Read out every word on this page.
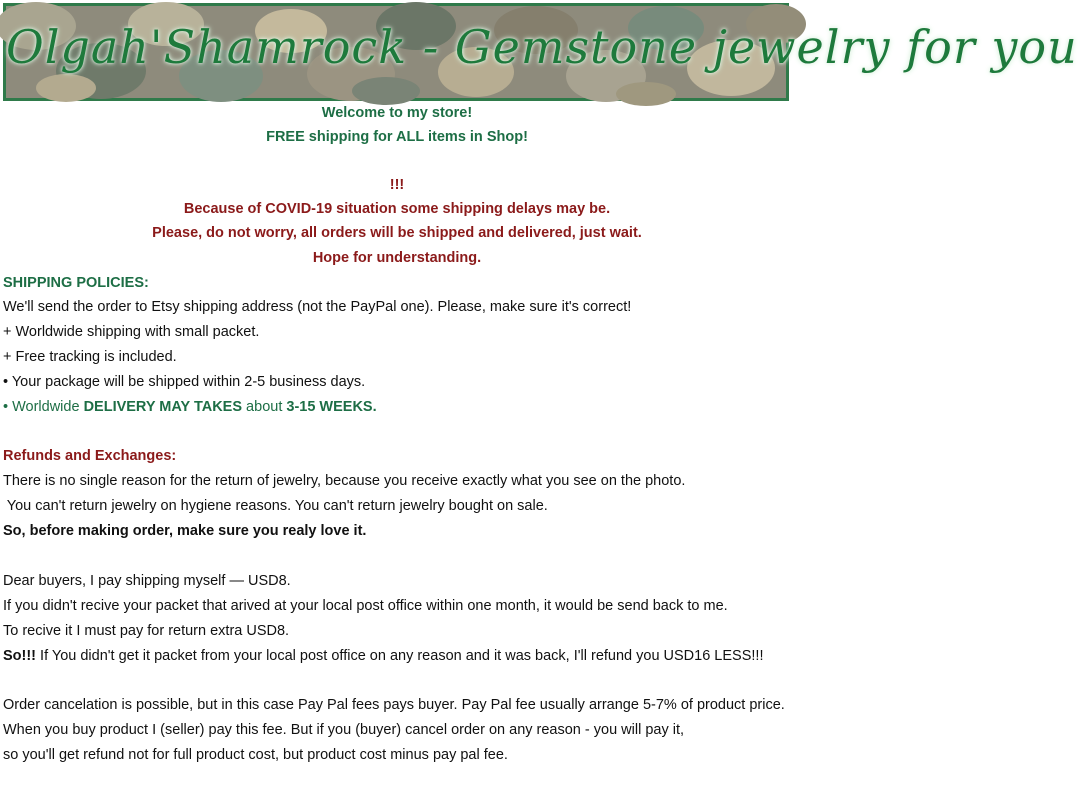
Olgah'Shamrock - Gemstone jewelry for you
Welcome to my store!
FREE shipping for ALL items in Shop!
!!!
Because of COVID-19 situation some shipping delays may be.
Please, do not worry, all orders will be shipped and delivered, just wait.
Hope for understanding.
SHIPPING POLICIES:
We'll send the order to Etsy shipping address (not the PayPal one). Please, make sure it's correct!
+ Worldwide shipping with small packet.
+ Free tracking is included.
• Your package will be shipped within 2-5 business days.
• Worldwide DELIVERY MAY TAKES about 3-15 WEEKS.
Refunds and Exchanges:
There is no single reason for the return of jewelry, because you receive exactly what you see on the photo.
You can't return jewelry on hygiene reasons. You can't return jewelry bought on sale.
So, before making order, make sure you realy love it.
Dear buyers, I pay shipping myself — USD8.
If you didn't recive your packet that arived at your local post office within one month, it would be send back to me.
To recive it I must pay for return extra USD8.
So!!! If You didn't get it packet from your local post office on any reason and it was back, I'll refund you USD16 LESS!!!
Order cancelation is possible, but in this case Pay Pal fees pays buyer. Pay Pal fee usually arrange 5-7% of product price.
When you buy product I (seller) pay this fee. But if you (buyer) cancel order on any reason - you will pay it,
so you'll get refund not for full product cost, but product cost minus pay pal fee.
